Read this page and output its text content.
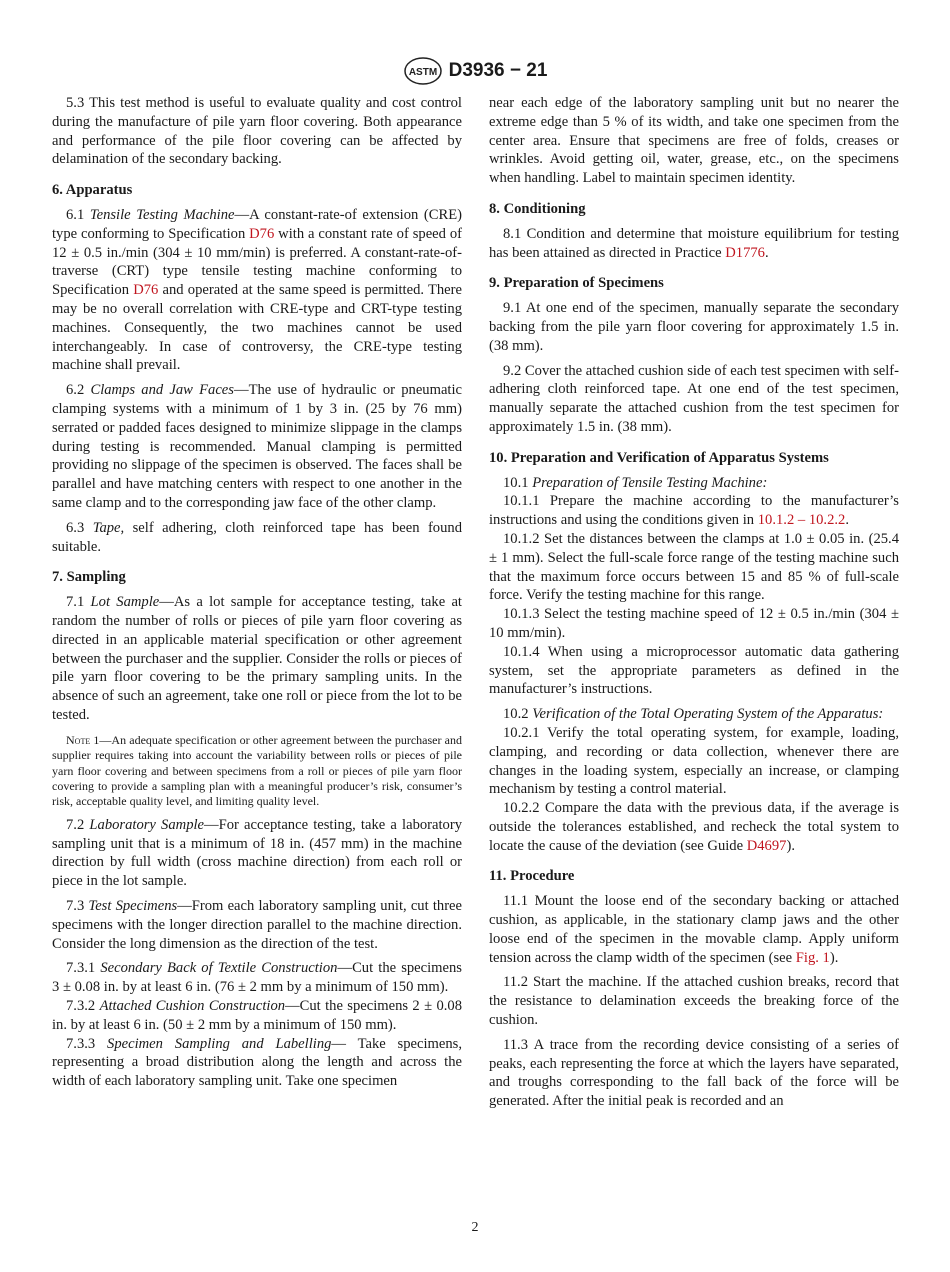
ASTM D3936 − 21

5.3 This test method is useful to evaluate quality and cost control during the manufacture of pile yarn floor covering. Both appearance and performance of the pile floor covering can be affected by delamination of the secondary backing.

6. Apparatus

6.1 Tensile Testing Machine—A constant-rate-of extension (CRE) type conforming to Specification D76 with a constant rate of speed of 12 ± 0.5 in./min (304 ± 10 mm/min) is preferred. A constant-rate-of-traverse (CRT) type tensile testing machine conforming to Specification D76 and operated at the same speed is permitted. There may be no overall correlation with CRE-type and CRT-type testing machines. Consequently, the two machines cannot be used interchangeably. In case of controversy, the CRE-type testing machine shall prevail.

6.2 Clamps and Jaw Faces—The use of hydraulic or pneumatic clamping systems with a minimum of 1 by 3 in. (25 by 76 mm) serrated or padded faces designed to minimize slippage in the clamps during testing is recommended. Manual clamping is permitted providing no slippage of the specimen is observed. The faces shall be parallel and have matching centers with respect to one another in the same clamp and to the corresponding jaw face of the other clamp.

6.3 Tape, self adhering, cloth reinforced tape has been found suitable.

7. Sampling

7.1 Lot Sample—As a lot sample for acceptance testing, take at random the number of rolls or pieces of pile yarn floor covering as directed in an applicable material specification or other agreement between the purchaser and the supplier. Consider the rolls or pieces of pile yarn floor covering to be the primary sampling units. In the absence of such an agreement, take one roll or piece from the lot to be tested.

Note 1—An adequate specification or other agreement between the purchaser and supplier requires taking into account the variability between rolls or pieces of pile yarn floor covering and between specimens from a roll or pieces of pile yarn floor covering to provide a sampling plan with a meaningful producer’s risk, consumer’s risk, acceptable quality level, and limiting quality level.

7.2 Laboratory Sample—For acceptance testing, take a laboratory sampling unit that is a minimum of 18 in. (457 mm) in the machine direction by full width (cross machine direction) from each roll or piece in the lot sample.

7.3 Test Specimens—From each laboratory sampling unit, cut three specimens with the longer direction parallel to the machine direction. Consider the long dimension as the direction of the test.

7.3.1 Secondary Back of Textile Construction—Cut the specimens 3 ± 0.08 in. by at least 6 in. (76 ± 2 mm by a minimum of 150 mm).

7.3.2 Attached Cushion Construction—Cut the specimens 2 ± 0.08 in. by at least 6 in. (50 ± 2 mm by a minimum of 150 mm).

7.3.3 Specimen Sampling and Labelling— Take specimens, representing a broad distribution along the length and across the width of each laboratory sampling unit. Take one specimen

near each edge of the laboratory sampling unit but no nearer the extreme edge than 5 % of its width, and take one specimen from the center area. Ensure that specimens are free of folds, creases or wrinkles. Avoid getting oil, water, grease, etc., on the specimens when handling. Label to maintain specimen identity.

8. Conditioning

8.1 Condition and determine that moisture equilibrium for testing has been attained as directed in Practice D1776.

9. Preparation of Specimens

9.1 At one end of the specimen, manually separate the secondary backing from the pile yarn floor covering for approximately 1.5 in. (38 mm).

9.2 Cover the attached cushion side of each test specimen with self-adhering cloth reinforced tape. At one end of the test specimen, manually separate the attached cushion from the test specimen for approximately 1.5 in. (38 mm).

10. Preparation and Verification of Apparatus Systems

10.1 Preparation of Tensile Testing Machine:

10.1.1 Prepare the machine according to the manufacturer’s instructions and using the conditions given in 10.1.2 – 10.2.2.

10.1.2 Set the distances between the clamps at 1.0 ± 0.05 in. (25.4 ± 1 mm). Select the full-scale force range of the testing machine such that the maximum force occurs between 15 and 85 % of full-scale force. Verify the testing machine for this range.

10.1.3 Select the testing machine speed of 12 ± 0.5 in./min (304 ± 10 mm/min).

10.1.4 When using a microprocessor automatic data gathering system, set the appropriate parameters as defined in the manufacturer’s instructions.

10.2 Verification of the Total Operating System of the Apparatus:

10.2.1 Verify the total operating system, for example, loading, clamping, and recording or data collection, whenever there are changes in the loading system, especially an increase, or clamping mechanism by testing a control material.

10.2.2 Compare the data with the previous data, if the average is outside the tolerances established, and recheck the total system to locate the cause of the deviation (see Guide D4697).

11. Procedure

11.1 Mount the loose end of the secondary backing or attached cushion, as applicable, in the stationary clamp jaws and the other loose end of the specimen in the movable clamp. Apply uniform tension across the clamp width of the specimen (see Fig. 1).

11.2 Start the machine. If the attached cushion breaks, record that the resistance to delamination exceeds the breaking force of the cushion.

11.3 A trace from the recording device consisting of a series of peaks, each representing the force at which the layers have separated, and troughs corresponding to the fall back of the force will be generated. After the initial peak is recorded and an

2
